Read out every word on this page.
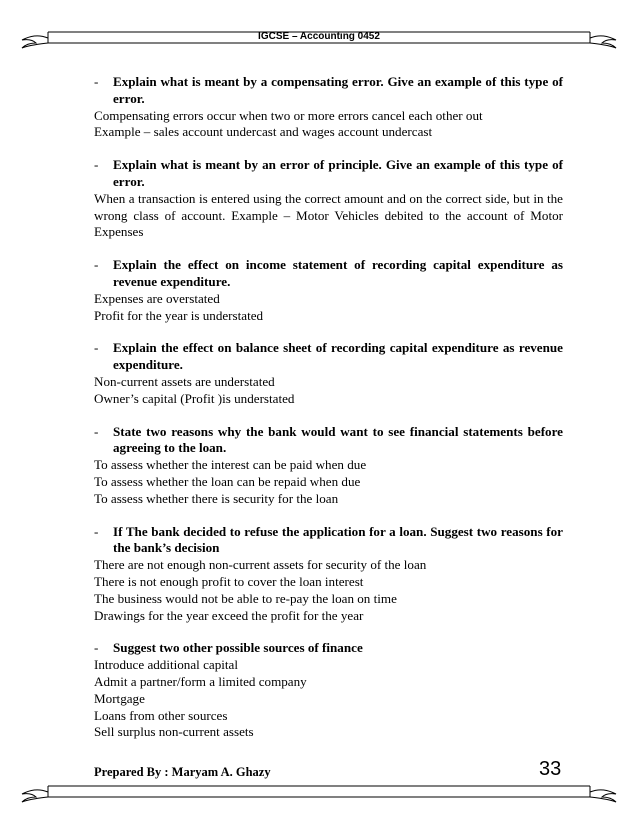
IGCSE – Accounting 0452
-	Explain what is meant by a compensating error. Give an example of this type of error.
Compensating errors occur when two or more errors cancel each other out
Example – sales account undercast and wages account undercast
-	Explain what is meant by an error of principle. Give an example of this type of error.
When a transaction is entered using the correct amount and on the correct side, but in the wrong class of account. Example – Motor Vehicles debited to the account of Motor Expenses
-	Explain the effect on income statement of recording capital expenditure as revenue expenditure.
Expenses are overstated
Profit for the year is understated
-	Explain the effect on balance sheet of recording capital expenditure as revenue expenditure.
Non-current assets are understated
Owner’s capital (Profit )is understated
-	State two reasons why the bank would want to see financial statements before agreeing to the loan.
To assess whether the interest can be paid when due
To assess whether the loan can be repaid when due
To assess whether there is security for the loan
-	If The bank decided to refuse the application for a loan. Suggest two reasons for the bank’s decision
There are not enough non-current assets for security of the loan
There is not enough profit to cover the loan interest
The business would not be able to re-pay the loan on time
Drawings for the year exceed the profit for the year
-	Suggest two other possible sources of finance
Introduce additional capital
Admit a partner/form a limited company
Mortgage
Loans from other sources
Sell surplus non-current assets
Prepared By : Maryam A. Ghazy	33
